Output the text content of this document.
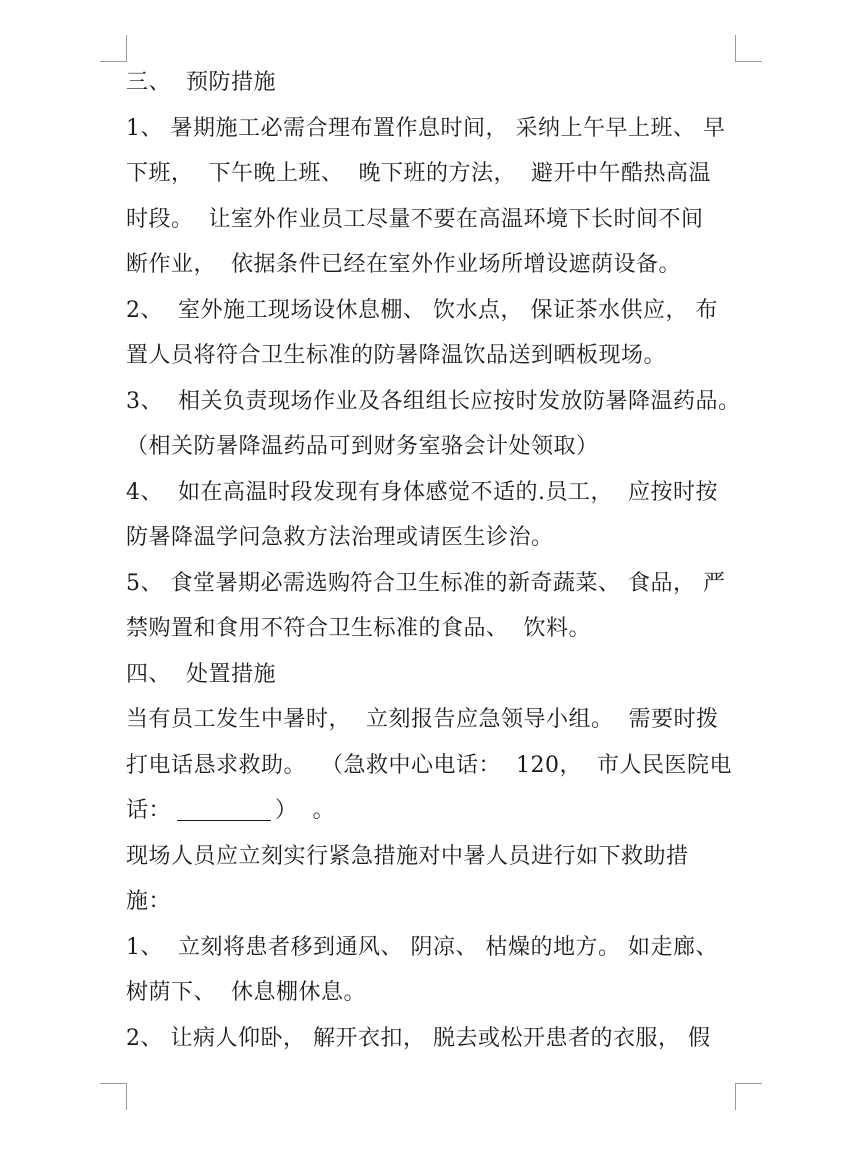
三、  预防措施
1、 暑期施工必需合理布置作息时间， 采纳上午早上班、 早
下班，  下午晚上班、  晚下班的方法，  避开中午酷热高温
时段。  让室外作业员工尽量不要在高温环境下长时间不间
断作业，  依据条件已经在室外作业场所增设遮荫设备。
2、  室外施工现场设休息棚、 饮水点， 保证茶水供应， 布
置人员将符合卫生标准的防暑降温饮品送到晒板现场。
3、  相关负责现场作业及各组组长应按时发放防暑降温药品。
（相关防暑降温药品可到财务室骆会计处领取）
4、  如在高温时段发现有身体感觉不适的.员工，  应按时按
防暑降温学问急救方法治理或请医生诊治。
5、 食堂暑期必需选购符合卫生标准的新奇蔬菜、 食品， 严
禁购置和食用不符合卫生标准的食品、  饮料。
四、  处置措施
当有员工发生中暑时，  立刻报告应急领导小组。  需要时拨
打电话恳求救助。  （急救中心电话：  120，  市人民医院电
话：	）  。
现场人员应立刻实行紧急措施对中暑人员进行如下救助措
施：
1、  立刻将患者移到通风、 阴凉、 枯燥的地方。 如走廊、
树荫下、  休息棚休息。
2、 让病人仰卧， 解开衣扣， 脱去或松开患者的衣服， 假
